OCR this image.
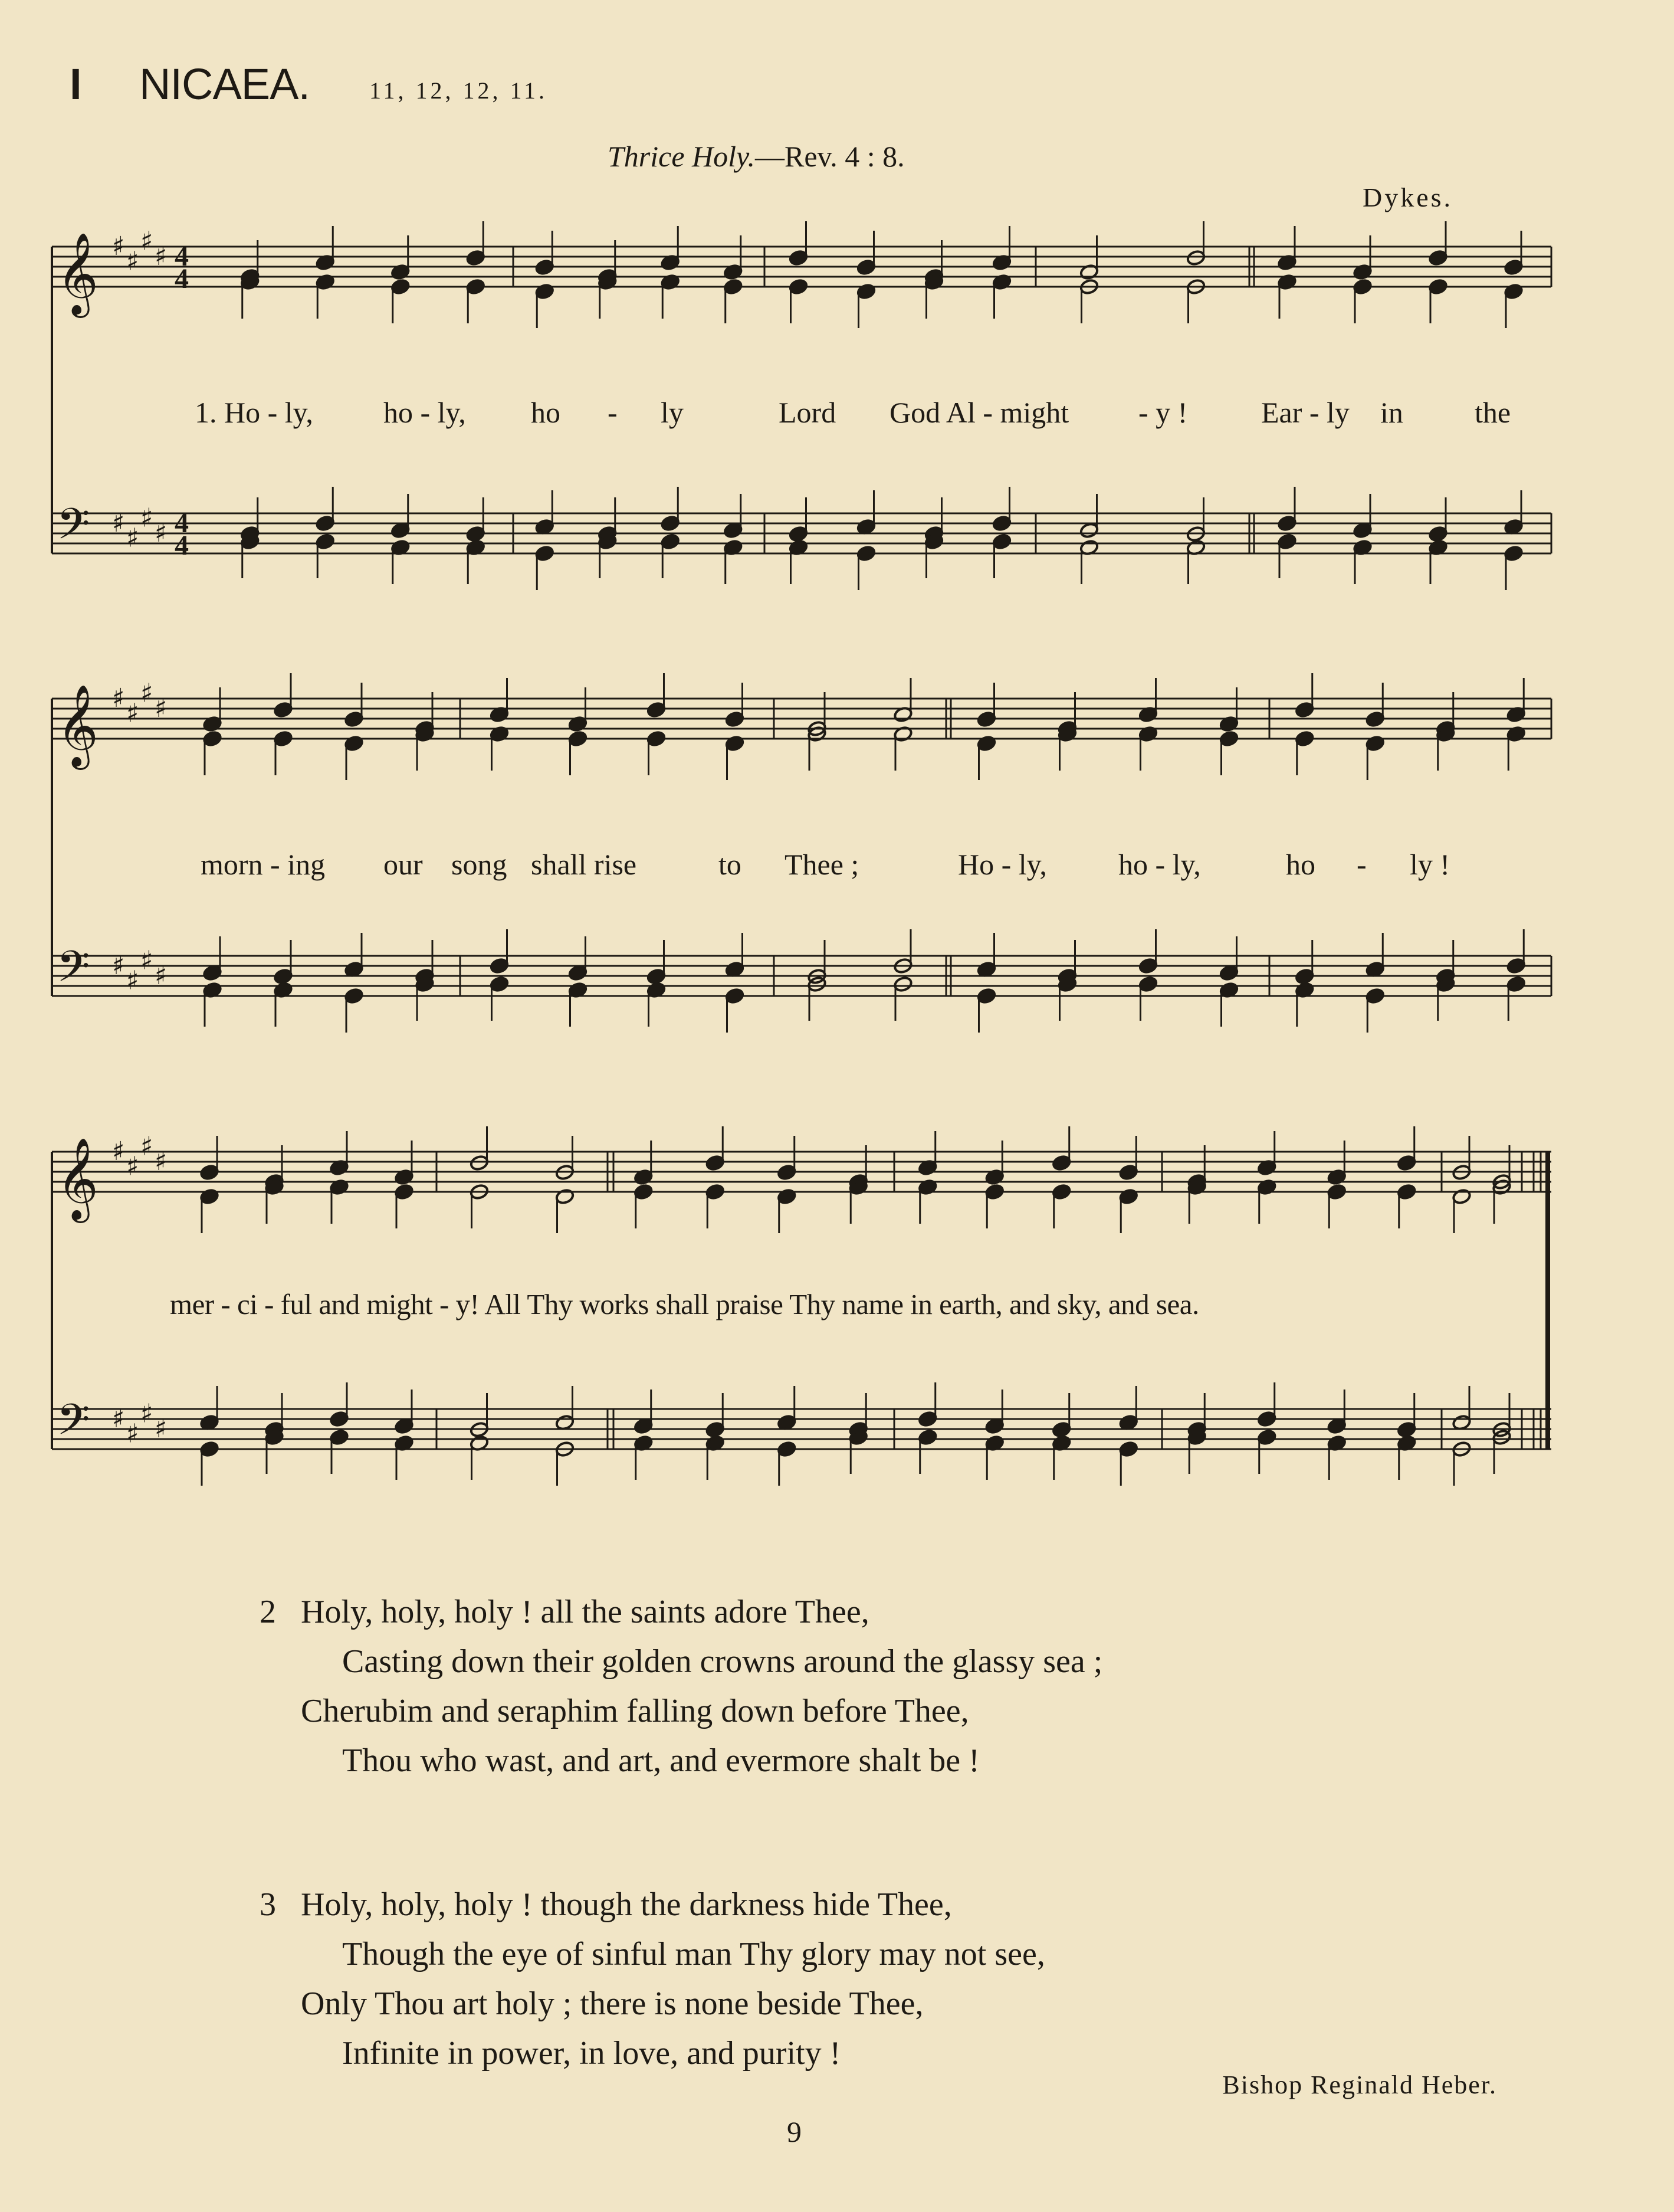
I NICAEA.	11, 12, 12, 11.
Thrice Holy.—Rev. 4 : 8.
Dykes.
𝄞
𝄢
♯ ♯
♯ ♯
♯ ♯
♯ ♯
4
4
4
4
𝄞
𝄢
♯ ♯
♯ ♯
♯ ♯
♯ ♯
𝄞
𝄢
♯ ♯
♯ ♯
♯ ♯
♯ ♯
1. Ho - ly, ho - ly, ho - ly	Lord God Al - might - y ! Ear - ly in the
morn - ing our song shall rise	to Thee ;	Ho - ly, ho - ly,	ho - ly !
mer - ci - ful and might - y! All Thy works shall praise Thy name in earth, and sky, and sea.
2 Holy, holy, holy ! all the saints adore Thee,
Casting down their golden crowns around the glassy sea ;
Cherubim and seraphim falling down before Thee,
Thou who wast, and art, and evermore shalt be !
3 Holy, holy, holy ! though the darkness hide Thee,
Though the eye of sinful man Thy glory may not see,
Only Thou art holy ; there is none beside Thee,
Infinite in power, in love, and purity !
Bishop Reginald Heber.
9
